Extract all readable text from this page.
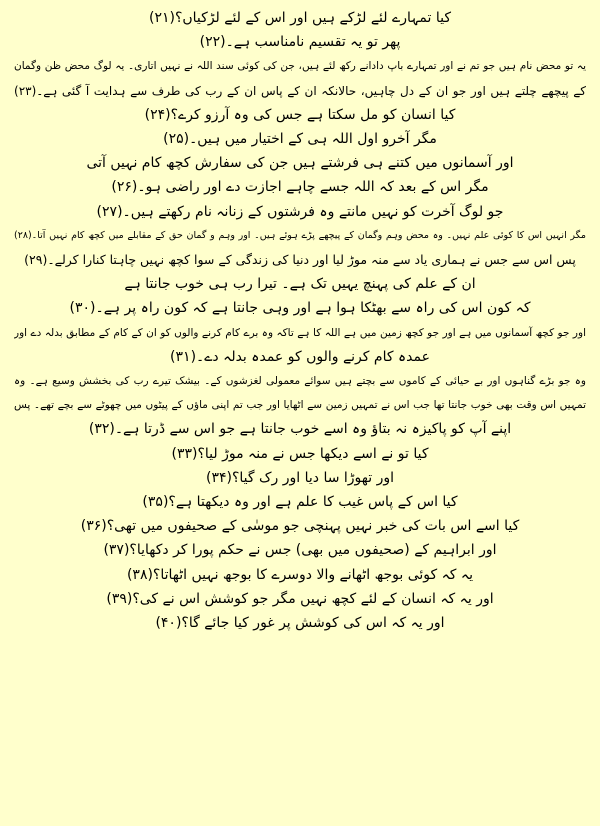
کیا تمہارے لئے لڑکے ہیں اور اس کے لئے لڑکیاں؟(۲۱)
پھر تو یہ تقسیم نامناسب ہے۔(۲۲)
یہ تو محض نام ہیں جو تم نے اور تمہارے باپ دادانے رکھ لئے ہیں، جن کی کوئی سند اللہ نے نہیں اتاری۔ یہ لوگ محض ظن وگمان
کے پیچھے چلتے ہیں اور جو ان کے دل چاہیں، حالانکہ ان کے پاس ان کے رب کی طرف سے ہدایت آ گئی ہے۔(۲۳)
کیا انسان کو مل سکتا ہے جس کی وہ آرزو کرے؟(۲۴)
مگر آخرو اول اللہ ہی کے اختیار میں ہیں۔(۲۵)
اور آسمانوں میں کتنے ہی فرشتے ہیں جن کی سفارش کچھ کام نہیں آتی
مگر اس کے بعد کہ اللہ جسے چاہے اجازت دے اور راضی ہو۔(۲۶)
جو لوگ آخرت کو نہیں مانتے وہ فرشتوں کے زنانہ نام رکھتے ہیں۔(۲۷)
مگر انہیں اس کا کوئی علم نہیں۔ وہ محض وہم وگمان کے پیچھے پڑے ہوئے ہیں۔ اور وہم و گمان حق کے مقابلے میں کچھ کام نہیں آتا۔(۲۸)
پس اس سے جس نے ہماری یاد سے منہ موڑ لیا اور دنیا کی زندگی کے سوا کچھ نہیں چاہتا کنارا کرلے۔(۲۹)
ان کے علم کی پہنچ یہیں تک ہے۔ تیرا رب ہی خوب جانتا ہے
کہ کون اس کی راہ سے بھٹکا ہوا ہے اور وہی جانتا ہے کہ کون راہ پر ہے۔(۳۰)
اور جو کچھ آسمانوں میں ہے اور جو کچھ زمین میں ہے اللہ کا ہے تاکہ وہ برے کام کرنے والوں کو ان کے کام کے مطابق بدلہ دے اور
عمدہ کام کرنے والوں کو عمدہ بدلہ دے۔(۳۱)
وہ جو بڑے گناہوں اور بے حیائی کے کاموں سے بچتے ہیں سوائے معمولی لغزشوں کے۔ بیشک تیرے رب کی بخشش وسیع ہے۔ وہ
تمہیں اس وقت بھی خوب جانتا تھا جب اس نے تمہیں زمین سے اٹھایا اور جب تم اپنی ماؤں کے پیٹوں میں چھوٹے سے بچے تھے۔ پس
اپنے آپ کو پاکیزہ نہ بتاؤ وہ اسے خوب جانتا ہے جو اس سے ڈرتا ہے۔(۳۲)
کیا تو نے اسے دیکھا جس نے منہ موڑ لیا؟(۳۳)
اور تھوڑا سا دیا اور رک گیا؟(۳۴)
کیا اس کے پاس غیب کا علم ہے اور وہ دیکھتا ہے؟(۳۵)
کیا اسے اس بات کی خبر نہیں پہنچی جو موسٰی کے صحیفوں میں تھی؟(۳۶)
اور ابراہیم کے (صحیفوں میں بھی) جس نے حکم پورا کر دکھایا؟(۳۷)
یہ کہ کوئی بوجھ اٹھانے والا دوسرے کا بوجھ نہیں اٹھاتا؟(۳۸)
اور یہ کہ انسان کے لئے کچھ نہیں مگر جو کوشش اس نے کی؟(۳۹)
اور یہ کہ اس کی کوشش پر غور کیا جائے گا؟(۴۰)
